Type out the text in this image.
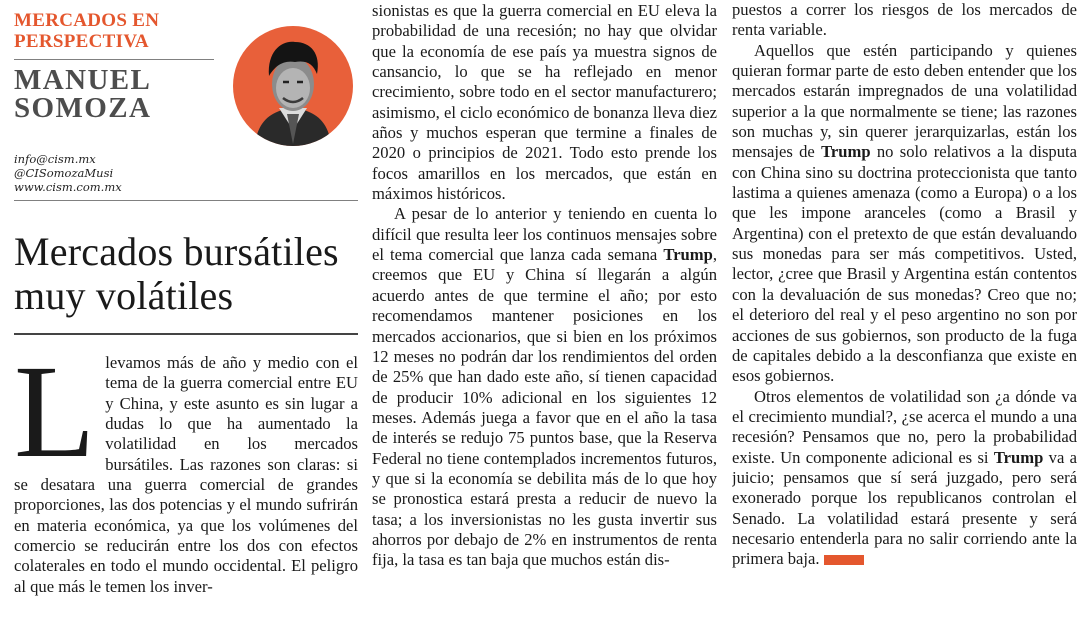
MERCADOS EN
PERSPECTIVA
MANUEL
SOMOZA
info@cism.mx
@CISomozaMusi
www.cism.com.mx
Mercados bursátiles
muy volátiles

Llevamos más de año y medio con el tema de la guerra comercial entre EU y China, y este asunto es sin lugar a dudas lo que ha aumentado la volatilidad en los mercados bursátiles. Las razones son claras: si se desatara una guerra comercial de grandes proporciones, las dos potencias y el mundo sufrirán en materia económica, ya que los volúmenes del comercio se reducirán entre los dos con efectos colaterales en todo el mundo occidental. El peligro al que más le temen los inver-

sionistas es que la guerra comercial en EU eleva la probabilidad de una recesión; no hay que olvidar que la economía de ese país ya muestra signos de cansancio, lo que se ha reflejado en menor crecimiento, sobre todo en el sector manufacturero; asimismo, el ciclo económico de bonanza lleva diez años y muchos esperan que termine a finales de 2020 o principios de 2021. Todo esto prende los focos amarillos en los mercados, que están en máximos históricos.

A pesar de lo anterior y teniendo en cuenta lo difícil que resulta leer los continuos mensajes sobre el tema comercial que lanza cada semana Trump, creemos que EU y China sí llegarán a algún acuerdo antes de que termine el año; por esto recomendamos mantener posiciones en los mercados accionarios, que si bien en los próximos 12 meses no podrán dar los rendimientos del orden de 25% que han dado este año, sí tienen capacidad de producir 10% adicional en los siguientes 12 meses. Además juega a favor que en el año la tasa de interés se redujo 75 puntos base, que la Reserva Federal no tiene contemplados incrementos futuros, y que si la economía se debilita más de lo que hoy se pronostica estará presta a reducir de nuevo la tasa; a los inversionistas no les gusta invertir sus ahorros por debajo de 2% en instrumentos de renta fija, la tasa es tan baja que muchos están dis-

puestos a correr los riesgos de los mercados de renta variable.

Aquellos que estén participando y quienes quieran formar parte de esto deben entender que los mercados estarán impregnados de una volatilidad superior a la que normalmente se tiene; las razones son muchas y, sin querer jerarquizarlas, están los mensajes de Trump no solo relativos a la disputa con China sino su doctrina proteccionista que tanto lastima a quienes amenaza (como a Europa) o a los que les impone aranceles (como a Brasil y Argentina) con el pretexto de que están devaluando sus monedas para ser más competitivos. Usted, lector, ¿cree que Brasil y Argentina están contentos con la devaluación de sus monedas? Creo que no; el deterioro del real y el peso argentino no son por acciones de sus gobiernos, son producto de la fuga de capitales debido a la desconfianza que existe en esos gobiernos.

Otros elementos de volatilidad son ¿a dónde va el crecimiento mundial?, ¿se acerca el mundo a una recesión? Pensamos que no, pero la probabilidad existe. Un componente adicional es si Trump va a juicio; pensamos que sí será juzgado, pero será exonerado porque los republicanos controlan el Senado. La volatilidad estará presente y será necesario entenderla para no salir corriendo ante la primera baja.
